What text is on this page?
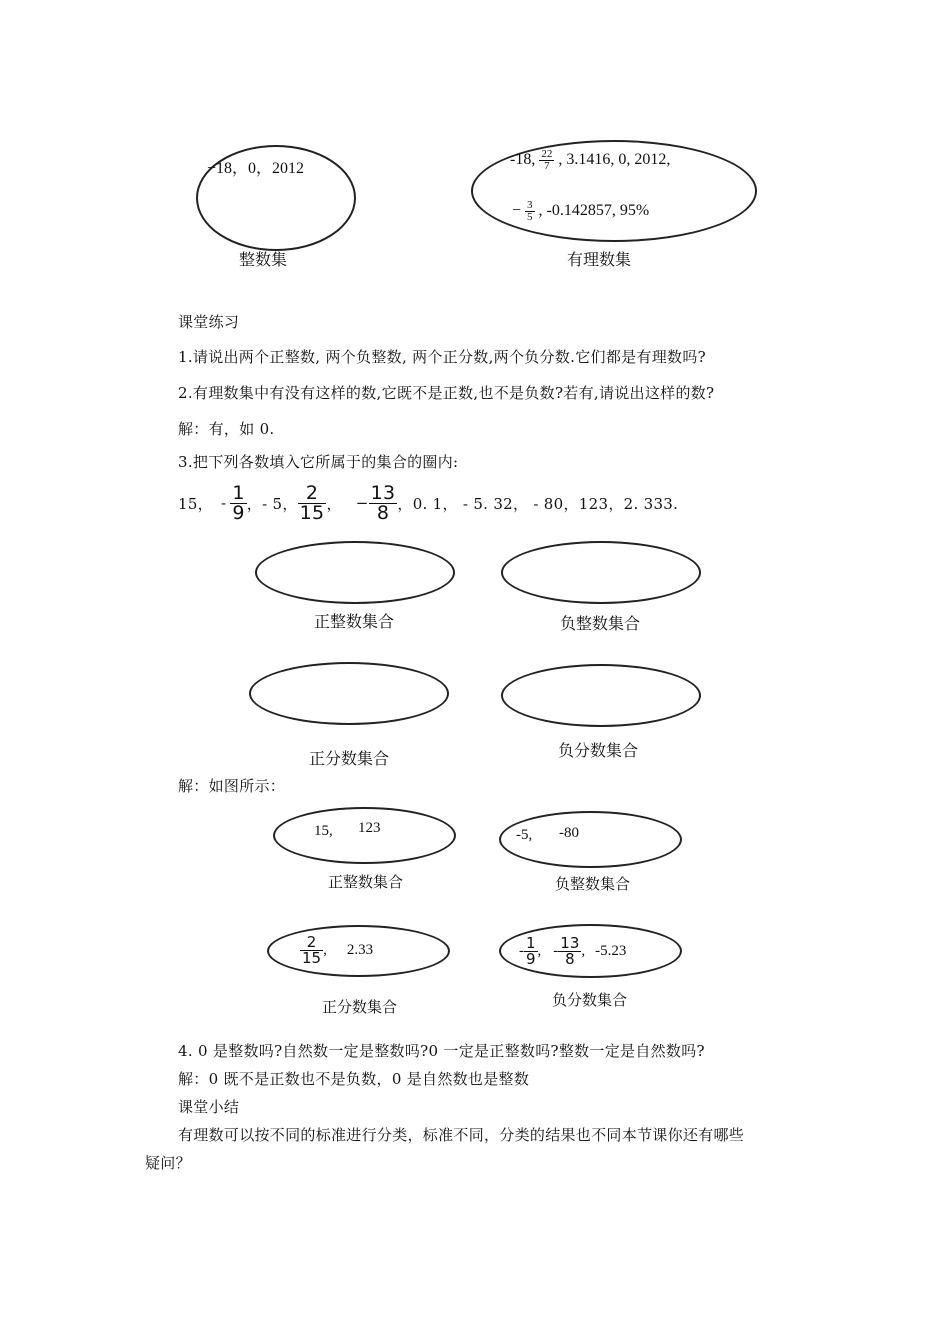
−18，0，2012
整数集
-18, $\frac{22}{7}$ , 3.1416, 0, 2012,
− $\frac{3}{5}$ , -0.142857, 95%
有理数集
课堂练习
1.请说出两个正整数, 两个负整数, 两个正分数,两个负分数.它们都是有理数吗?
2.有理数集中有没有这样的数,它既不是正数,也不是负数?若有,请说出这样的数?
解：有，如 0.
3.把下列各数填入它所属于的集合的圈内:
15， - $\frac{1}{9}$ ，- 5， $\frac{2}{15}$ ， − $\frac{13}{8}$ ，0. 1， - 5. 32， - 80，123，2. 333.
正整数集合	负整数集合
正分数集合	负分数集合
解：如图所示：
15, 123
正整数集合
-5, -80
负整数集合
$\frac{2}{15}$ , 2.33
正分数集合
- $\frac{1}{9}$ , - $\frac{13}{8}$ , -5.23
负分数集合
4. 0 是整数吗?自然数一定是整数吗?0 一定是正整数吗?整数一定是自然数吗?
解：0 既不是正数也不是负数，0 是自然数也是整数
课堂小结
有理数可以按不同的标准进行分类，标准不同，分类的结果也不同本节课你还有哪些
疑问？
